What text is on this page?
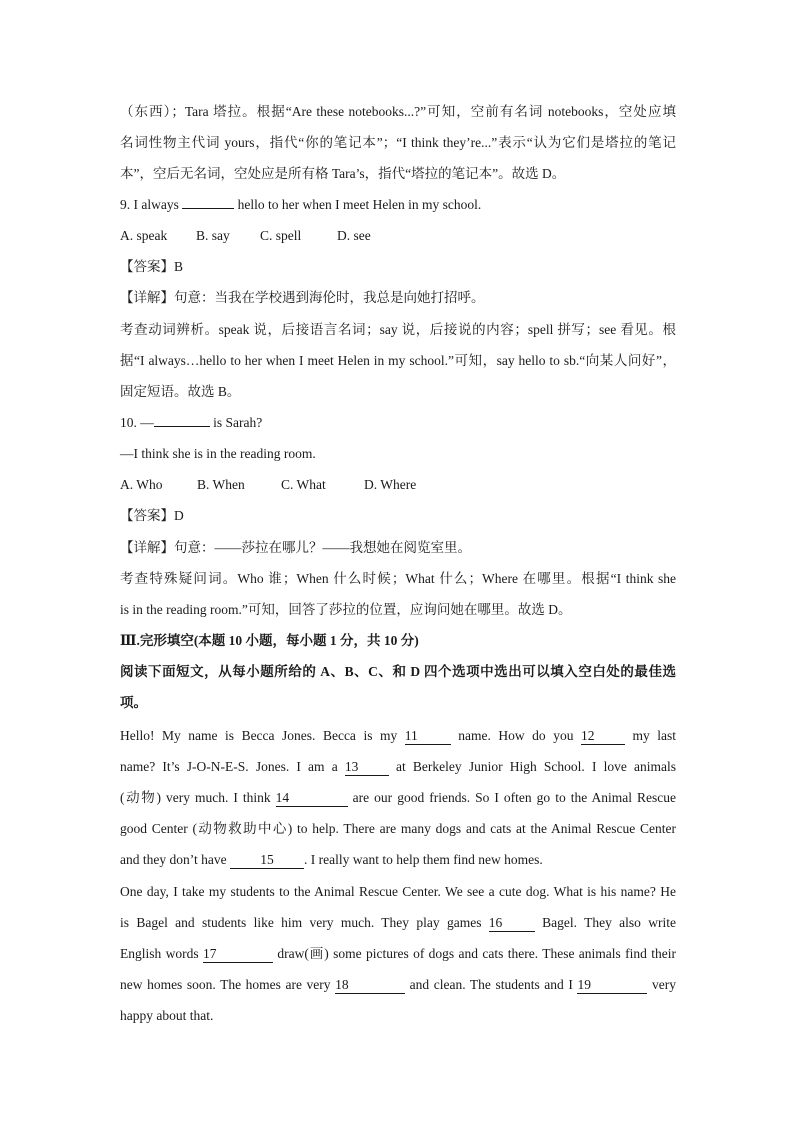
（东西）；Tara 塔拉。根据“Are these notebooks...?”可知，空前有名词 notebooks，空处应填
名词性物主代词 yours，指代“你的笔记本”；“I think they’re...”表示“认为它们是塔拉的笔记
本”，空后无名词，空处应是所有格 Tara’s，指代“塔拉的笔记本”。故选 D。
9. I always	hello to her when I meet Helen in my school.
A. speak B. say C. spell	D. see
【答案】B
【详解】句意：当我在学校遇到海伦时，我总是向她打招呼。
考查动词辨析。speak 说，后接语言名词；say 说，后接说的内容；spell 拼写；see 看见。根
据“I always…hello to her when I meet Helen in my school.”可知，say hello to sb.“向某人问好”，
固定短语。故选 B。
10. —	is Sarah?
—I think she is in the reading room.
A. Who	B. When	C. What	D. Where
【答案】D
【详解】句意：——莎拉在哪儿？——我想她在阅览室里。
考查特殊疑问词。Who 谁；When 什么时候；What 什么；Where 在哪里。根据“I think she
is in the reading room.”可知，回答了莎拉的位置，应询问她在哪里。故选 D。
Ⅲ.完形填空(本题 10 小题，每小题 1 分，共 10 分)
阅读下面短文，从每小题所给的 A、B、C、和 D 四个选项中选出可以填入空白处的最佳选
项。
Hello! My name is Becca Jones. Becca is my 11 name. How do you 12 my last
name? It’s J-O-N-E-S. Jones. I am a 13 at Berkeley Junior High School. I love animals
(动物) very much. I think 14	are our good friends. So I often go to the Animal Rescue
good Center (动物救助中心) to help. There are many dogs and cats at the Animal Rescue Center
and they don’t have 15 . I really want to help them find new homes.
One day, I take my students to the Animal Rescue Center. We see a cute dog. What is his name? He
is Bagel and students like him very much. They play games 16 Bagel. They also write
English words 17	draw(画) some pictures of dogs and cats there. These animals find their
new homes soon. The homes are very 18	and clean. The students and I 19	very
happy about that.
